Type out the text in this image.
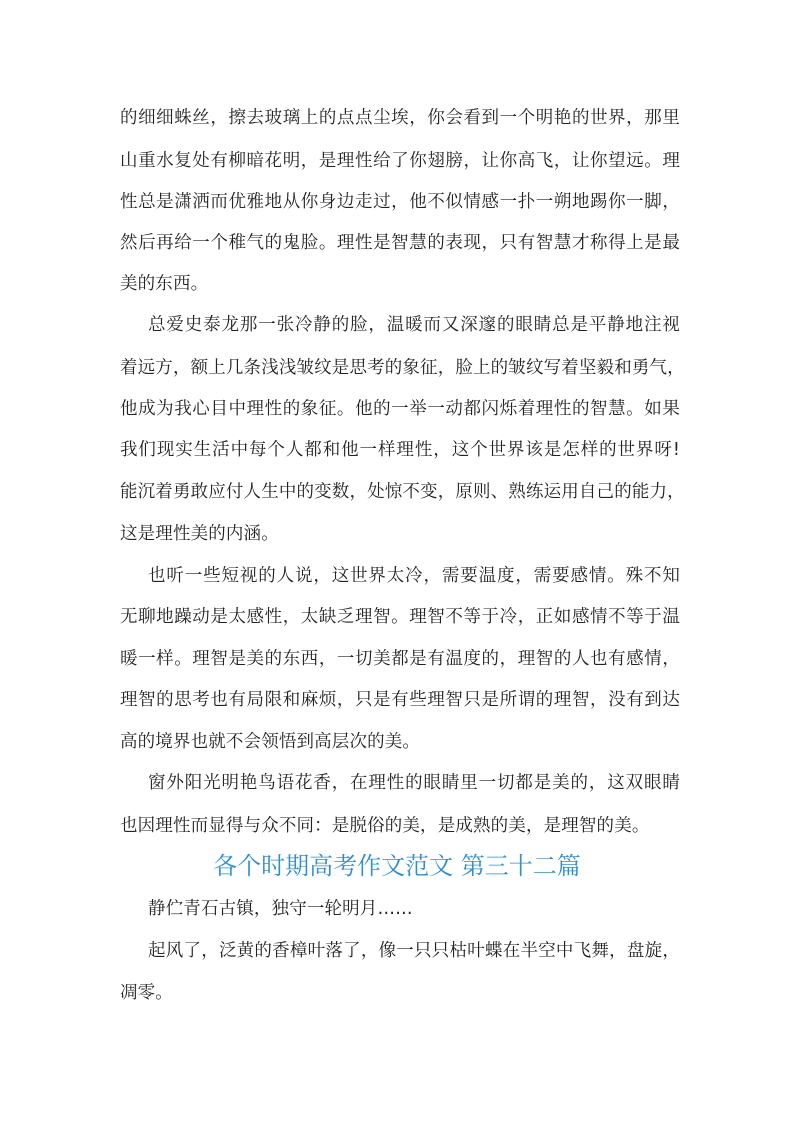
的细细蛛丝，擦去玻璃上的点点尘埃，你会看到一个明艳的世界，那里
山重水复处有柳暗花明，是理性给了你翅膀，让你高飞，让你望远。理
性总是潇洒而优雅地从你身边走过，他不似情感一扑一朔地踢你一脚，
然后再给一个稚气的鬼脸。理性是智慧的表现，只有智慧才称得上是最
美的东西。
总爱史泰龙那一张冷静的脸，温暖而又深邃的眼睛总是平静地注视
着远方，额上几条浅浅皱纹是思考的象征，脸上的皱纹写着坚毅和勇气，
他成为我心目中理性的象征。他的一举一动都闪烁着理性的智慧。如果
我们现实生活中每个人都和他一样理性，这个世界该是怎样的世界呀!
能沉着勇敢应付人生中的变数，处惊不变，原则、熟练运用自己的能力，
这是理性美的内涵。
也听一些短视的人说，这世界太冷，需要温度，需要感情。殊不知
无聊地躁动是太感性，太缺乏理智。理智不等于冷，正如感情不等于温
暖一样。理智是美的东西，一切美都是有温度的，理智的人也有感情，
理智的思考也有局限和麻烦，只是有些理智只是所谓的理智，没有到达
高的境界也就不会领悟到高层次的美。
窗外阳光明艳鸟语花香，在理性的眼睛里一切都是美的，这双眼睛
也因理性而显得与众不同：是脱俗的美，是成熟的美，是理智的美。
各个时期高考作文范文 第三十二篇
静伫青石古镇，独守一轮明月……
起风了，泛黄的香樟叶落了，像一只只枯叶蝶在半空中飞舞，盘旋，
凋零。
